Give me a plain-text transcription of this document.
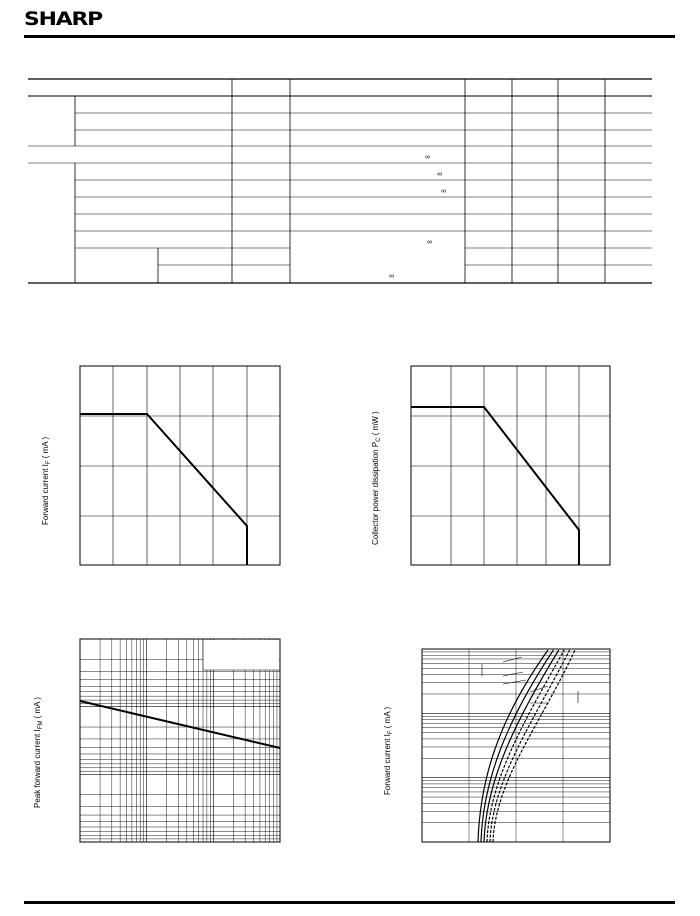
SHARP
∞
∞
∞
∞
∞
Forward current $I_F$ ( mA )	Collector power dissipation $P_C$ ( mW )
Peak forward current $I_{FM}$ ( mA )
Forward current $I_F$ ( mA )
